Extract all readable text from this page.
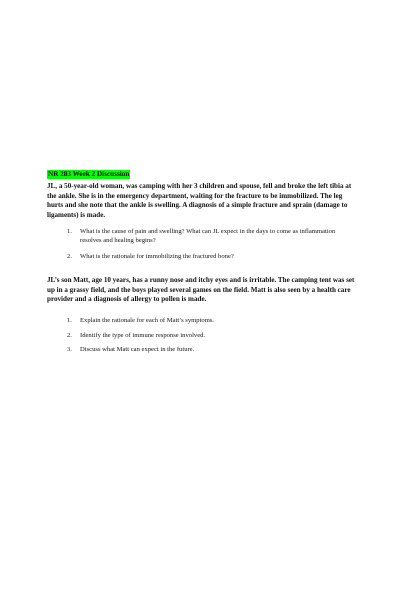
NR 283 Week 2 Discussion

JL, a 50-year-old woman, was camping with her 3 children and spouse, fell and broke the left tibia at the ankle. She is in the emergency department, waiting for the fracture to be immobilized. The leg hurts and she note that the ankle is swelling. A diagnosis of a simple fracture and sprain (damage to ligaments) is made.

1. What is the cause of pain and swelling? What can JL expect in the days to come as inflammation resolves and healing begins?
2. What is the rationale for immobilizing the fractured bone?

JL’s son Matt, age 10 years, has a runny nose and itchy eyes and is irritable. The camping tent was set up in a grassy field, and the boys played several games on the field. Matt is also seen by a health care provider and a diagnosis of allergy to pollen is made.

1. Explain the rationale for each of Matt’s symptoms.
2. Identify the type of immune response involved.
3. Discuss what Matt can expect in the future.
